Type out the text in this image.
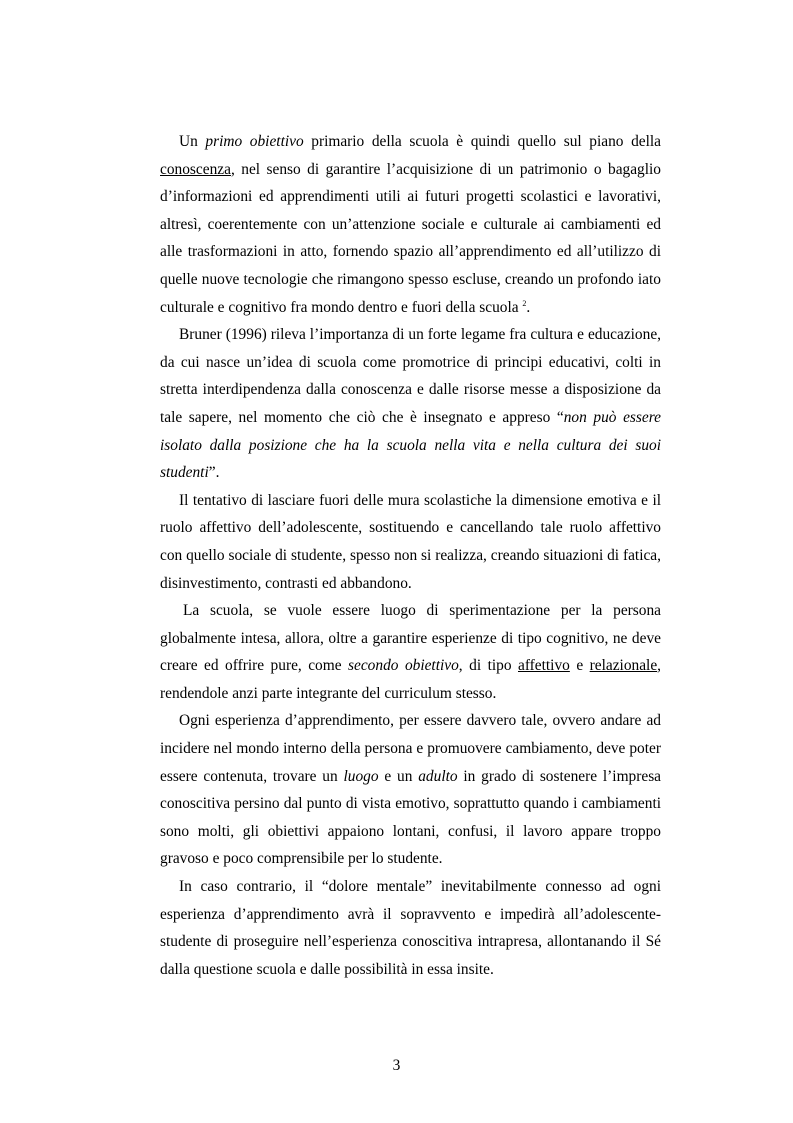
Un primo obiettivo primario della scuola è quindi quello sul piano della conoscenza, nel senso di garantire l’acquisizione di un patrimonio o bagaglio d’informazioni ed apprendimenti utili ai futuri progetti scolastici e lavorativi, altresì, coerentemente con un’attenzione sociale e culturale ai cambiamenti ed alle trasformazioni in atto, fornendo spazio all’apprendimento ed all’utilizzo di quelle nuove tecnologie che rimangono spesso escluse, creando un profondo iato culturale e cognitivo fra mondo dentro e fuori della scuola $^2$.

Bruner (1996) rileva l’importanza di un forte legame fra cultura e educazione, da cui nasce un’idea di scuola come promotrice di principi educativi, colti in stretta interdipendenza dalla conoscenza e dalle risorse messe a disposizione da tale sapere, nel momento che ciò che è insegnato e appreso “non può essere isolato dalla posizione che ha la scuola nella vita e nella cultura dei suoi studenti”.

Il tentativo di lasciare fuori delle mura scolastiche la dimensione emotiva e il ruolo affettivo dell’adolescente, sostituendo e cancellando tale ruolo affettivo con quello sociale di studente, spesso non si realizza, creando situazioni di fatica, disinvestimento, contrasti ed abbandono.

La scuola, se vuole essere luogo di sperimentazione per la persona globalmente intesa, allora, oltre a garantire esperienze di tipo cognitivo, ne deve creare ed offrire pure, come secondo obiettivo, di tipo affettivo e relazionale, rendendole anzi parte integrante del curriculum stesso.

Ogni esperienza d’apprendimento, per essere davvero tale, ovvero andare ad incidere nel mondo interno della persona e promuovere cambiamento, deve poter essere contenuta, trovare un luogo e un adulto in grado di sostenere l’impresa conoscitiva persino dal punto di vista emotivo, soprattutto quando i cambiamenti sono molti, gli obiettivi appaiono lontani, confusi, il lavoro appare troppo gravoso e poco comprensibile per lo studente.

In caso contrario, il “dolore mentale” inevitabilmente connesso ad ogni esperienza d’apprendimento avrà il sopravvento e impedirà all’adolescente-studente di proseguire nell’esperienza conoscitiva intrapresa, allontanando il Sé dalla questione scuola e dalle possibilità in essa insite.

3
